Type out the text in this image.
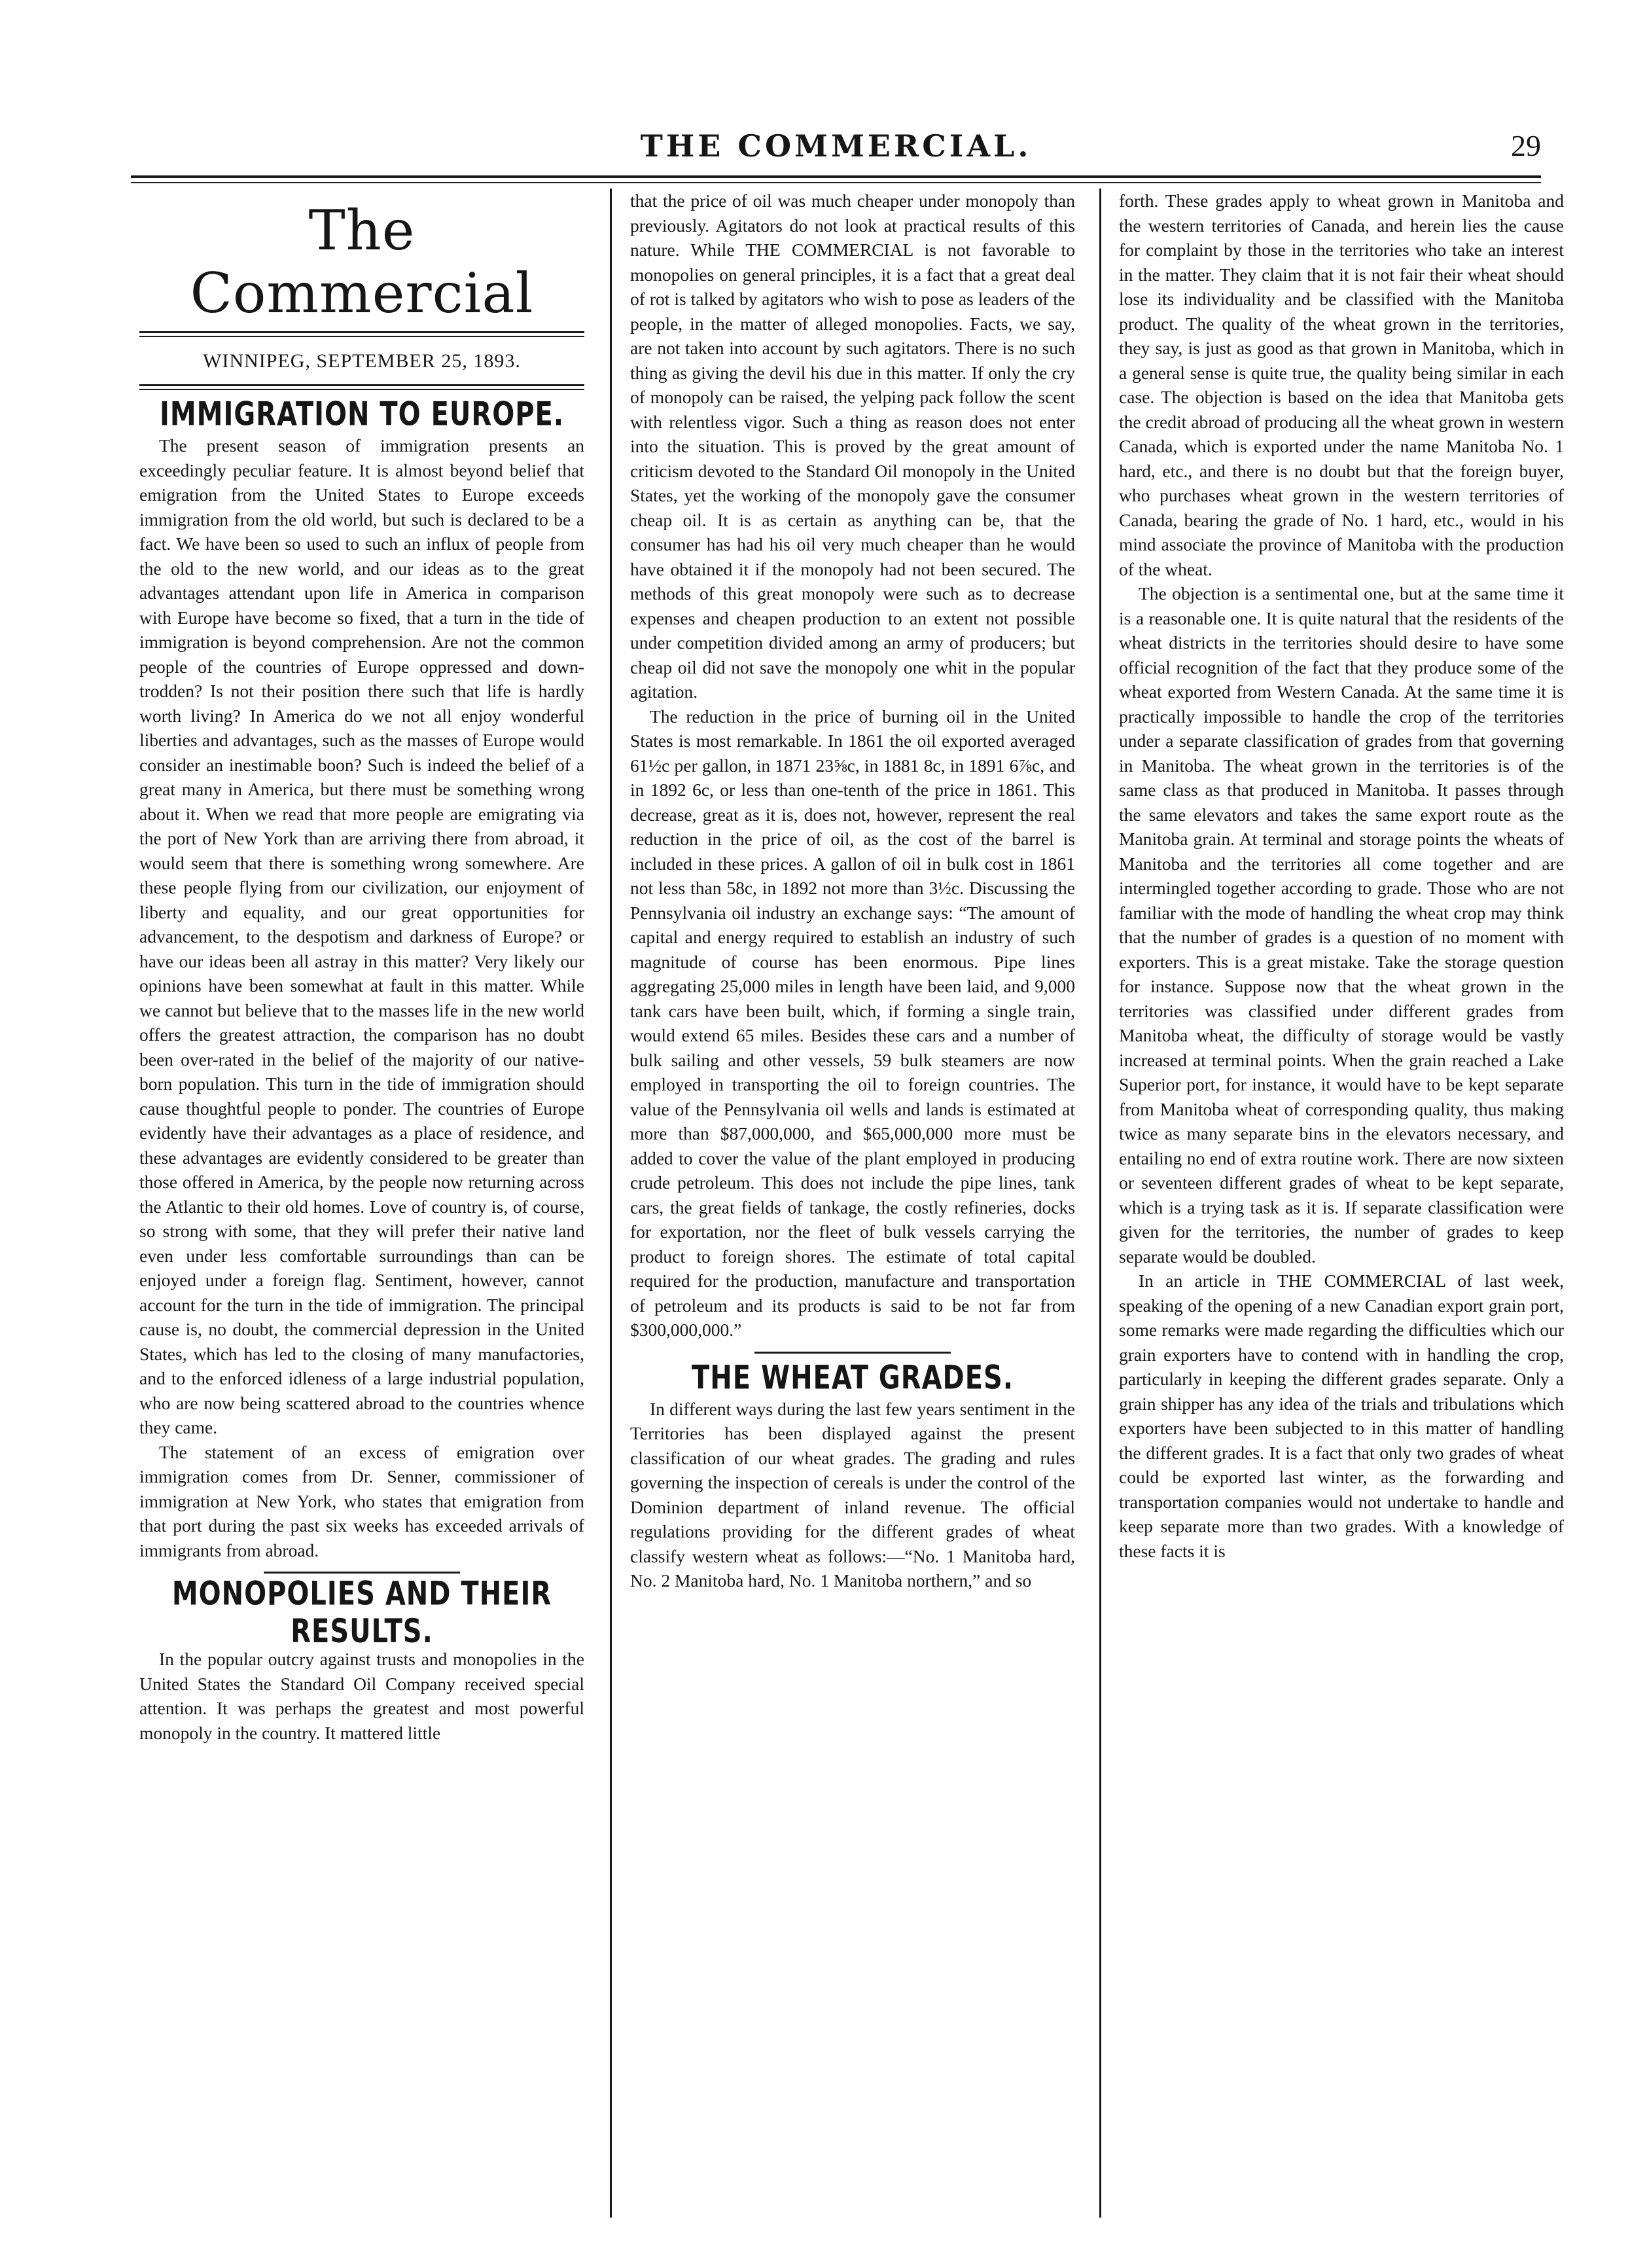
THE COMMERCIAL.	29
The Commercial
WINNIPEG, SEPTEMBER 25, 1893.
IMMIGRATION TO EUROPE.

The present season of immigration presents an exceedingly peculiar feature. It is almost beyond belief that emigration from the United States to Europe exceeds immigration from the old world, but such is declared to be a fact. We have been so used to such an influx of people from the old to the new world, and our ideas as to the great advantages attendant upon life in America in comparison with Europe have become so fixed, that a turn in the tide of immigration is beyond comprehension. Are not the common people of the countries of Europe oppressed and down-trodden? Is not their position there such that life is hardly worth living? In America do we not all enjoy wonderful liberties and advantages, such as the masses of Europe would consider an inestimable boon? Such is indeed the belief of a great many in America, but there must be something wrong about it. When we read that more people are emigrating via the port of New York than are arriving there from abroad, it would seem that there is something wrong somewhere. Are these people flying from our civilization, our enjoyment of liberty and equality, and our great opportunities for advancement, to the despotism and darkness of Europe? or have our ideas been all astray in this matter? Very likely our opinions have been somewhat at fault in this matter. While we cannot but believe that to the masses life in the new world offers the greatest attraction, the comparison has no doubt been over-rated in the belief of the majority of our native-born population. This turn in the tide of immigration should cause thoughtful people to ponder. The countries of Europe evidently have their advantages as a place of residence, and these advantages are evidently considered to be greater than those offered in America, by the people now returning across the Atlantic to their old homes. Love of country is, of course, so strong with some, that they will prefer their native land even under less comfortable surroundings than can be enjoyed under a foreign flag. Sentiment, however, cannot account for the turn in the tide of immigration. The principal cause is, no doubt, the commercial depression in the United States, which has led to the closing of many manufactories, and to the enforced idleness of a large industrial population, who are now being scattered abroad to the countries whence they came.

The statement of an excess of emigration over immigration comes from Dr. Senner, commissioner of immigration at New York, who states that emigration from that port during the past six weeks has exceeded arrivals of immigrants from abroad.

MONOPOLIES AND THEIR RESULTS.

In the popular outcry against trusts and monopolies in the United States the Standard Oil Company received special attention. It was perhaps the greatest and most powerful monopoly in the country. It mattered little

that the price of oil was much cheaper under monopoly than previously. Agitators do not look at practical results of this nature. While THE COMMERCIAL is not favorable to monopolies on general principles, it is a fact that a great deal of rot is talked by agitators who wish to pose as leaders of the people, in the matter of alleged monopolies. Facts, we say, are not taken into account by such agitators. There is no such thing as giving the devil his due in this matter. If only the cry of monopoly can be raised, the yelping pack follow the scent with relentless vigor. Such a thing as reason does not enter into the situation. This is proved by the great amount of criticism devoted to the Standard Oil monopoly in the United States, yet the working of the monopoly gave the consumer cheap oil. It is as certain as anything can be, that the consumer has had his oil very much cheaper than he would have obtained it if the monopoly had not been secured. The methods of this great monopoly were such as to decrease expenses and cheapen production to an extent not possible under competition divided among an army of producers; but cheap oil did not save the monopoly one whit in the popular agitation.

The reduction in the price of burning oil in the United States is most remarkable. In 1861 the oil exported averaged 61½c per gallon, in 1871 23⅝c, in 1881 8c, in 1891 6⅞c, and in 1892 6c, or less than one-tenth of the price in 1861. This decrease, great as it is, does not, however, represent the real reduction in the price of oil, as the cost of the barrel is included in these prices. A gallon of oil in bulk cost in 1861 not less than 58c, in 1892 not more than 3½c. Discussing the Pennsylvania oil industry an exchange says: “The amount of capital and energy required to establish an industry of such magnitude of course has been enormous. Pipe lines aggregating 25,000 miles in length have been laid, and 9,000 tank cars have been built, which, if forming a single train, would extend 65 miles. Besides these cars and a number of bulk sailing and other vessels, 59 bulk steamers are now employed in transporting the oil to foreign countries. The value of the Pennsylvania oil wells and lands is estimated at more than $87,000,000, and $65,000,000 more must be added to cover the value of the plant employed in producing crude petroleum. This does not include the pipe lines, tank cars, the great fields of tankage, the costly refineries, docks for exportation, nor the fleet of bulk vessels carrying the product to foreign shores. The estimate of total capital required for the production, manufacture and transportation of petroleum and its products is said to be not far from $300,000,000.”

THE WHEAT GRADES.

In different ways during the last few years sentiment in the Territories has been displayed against the present classification of our wheat grades. The grading and rules governing the inspection of cereals is under the control of the Dominion department of inland revenue. The official regulations providing for the different grades of wheat classify western wheat as follows:—“No. 1 Manitoba hard, No. 2 Manitoba hard, No. 1 Manitoba northern,” and so

forth. These grades apply to wheat grown in Manitoba and the western territories of Canada, and herein lies the cause for complaint by those in the territories who take an interest in the matter. They claim that it is not fair their wheat should lose its individuality and be classified with the Manitoba product. The quality of the wheat grown in the territories, they say, is just as good as that grown in Manitoba, which in a general sense is quite true, the quality being similar in each case. The objection is based on the idea that Manitoba gets the credit abroad of producing all the wheat grown in western Canada, which is exported under the name Manitoba No. 1 hard, etc., and there is no doubt but that the foreign buyer, who purchases wheat grown in the western territories of Canada, bearing the grade of No. 1 hard, etc., would in his mind associate the province of Manitoba with the production of the wheat.

The objection is a sentimental one, but at the same time it is a reasonable one. It is quite natural that the residents of the wheat districts in the territories should desire to have some official recognition of the fact that they produce some of the wheat exported from Western Canada. At the same time it is practically impossible to handle the crop of the territories under a separate classification of grades from that governing in Manitoba. The wheat grown in the territories is of the same class as that produced in Manitoba. It passes through the same elevators and takes the same export route as the Manitoba grain. At terminal and storage points the wheats of Manitoba and the territories all come together and are intermingled together according to grade. Those who are not familiar with the mode of handling the wheat crop may think that the number of grades is a question of no moment with exporters. This is a great mistake. Take the storage question for instance. Suppose now that the wheat grown in the territories was classified under different grades from Manitoba wheat, the difficulty of storage would be vastly increased at terminal points. When the grain reached a Lake Superior port, for instance, it would have to be kept separate from Manitoba wheat of corresponding quality, thus making twice as many separate bins in the elevators necessary, and entailing no end of extra routine work. There are now sixteen or seventeen different grades of wheat to be kept separate, which is a trying task as it is. If separate classification were given for the territories, the number of grades to keep separate would be doubled.

In an article in THE COMMERCIAL of last week, speaking of the opening of a new Canadian export grain port, some remarks were made regarding the difficulties which our grain exporters have to contend with in handling the crop, particularly in keeping the different grades separate. Only a grain shipper has any idea of the trials and tribulations which exporters have been subjected to in this matter of handling the different grades. It is a fact that only two grades of wheat could be exported last winter, as the forwarding and transportation companies would not undertake to handle and keep separate more than two grades. With a knowledge of these facts it is
